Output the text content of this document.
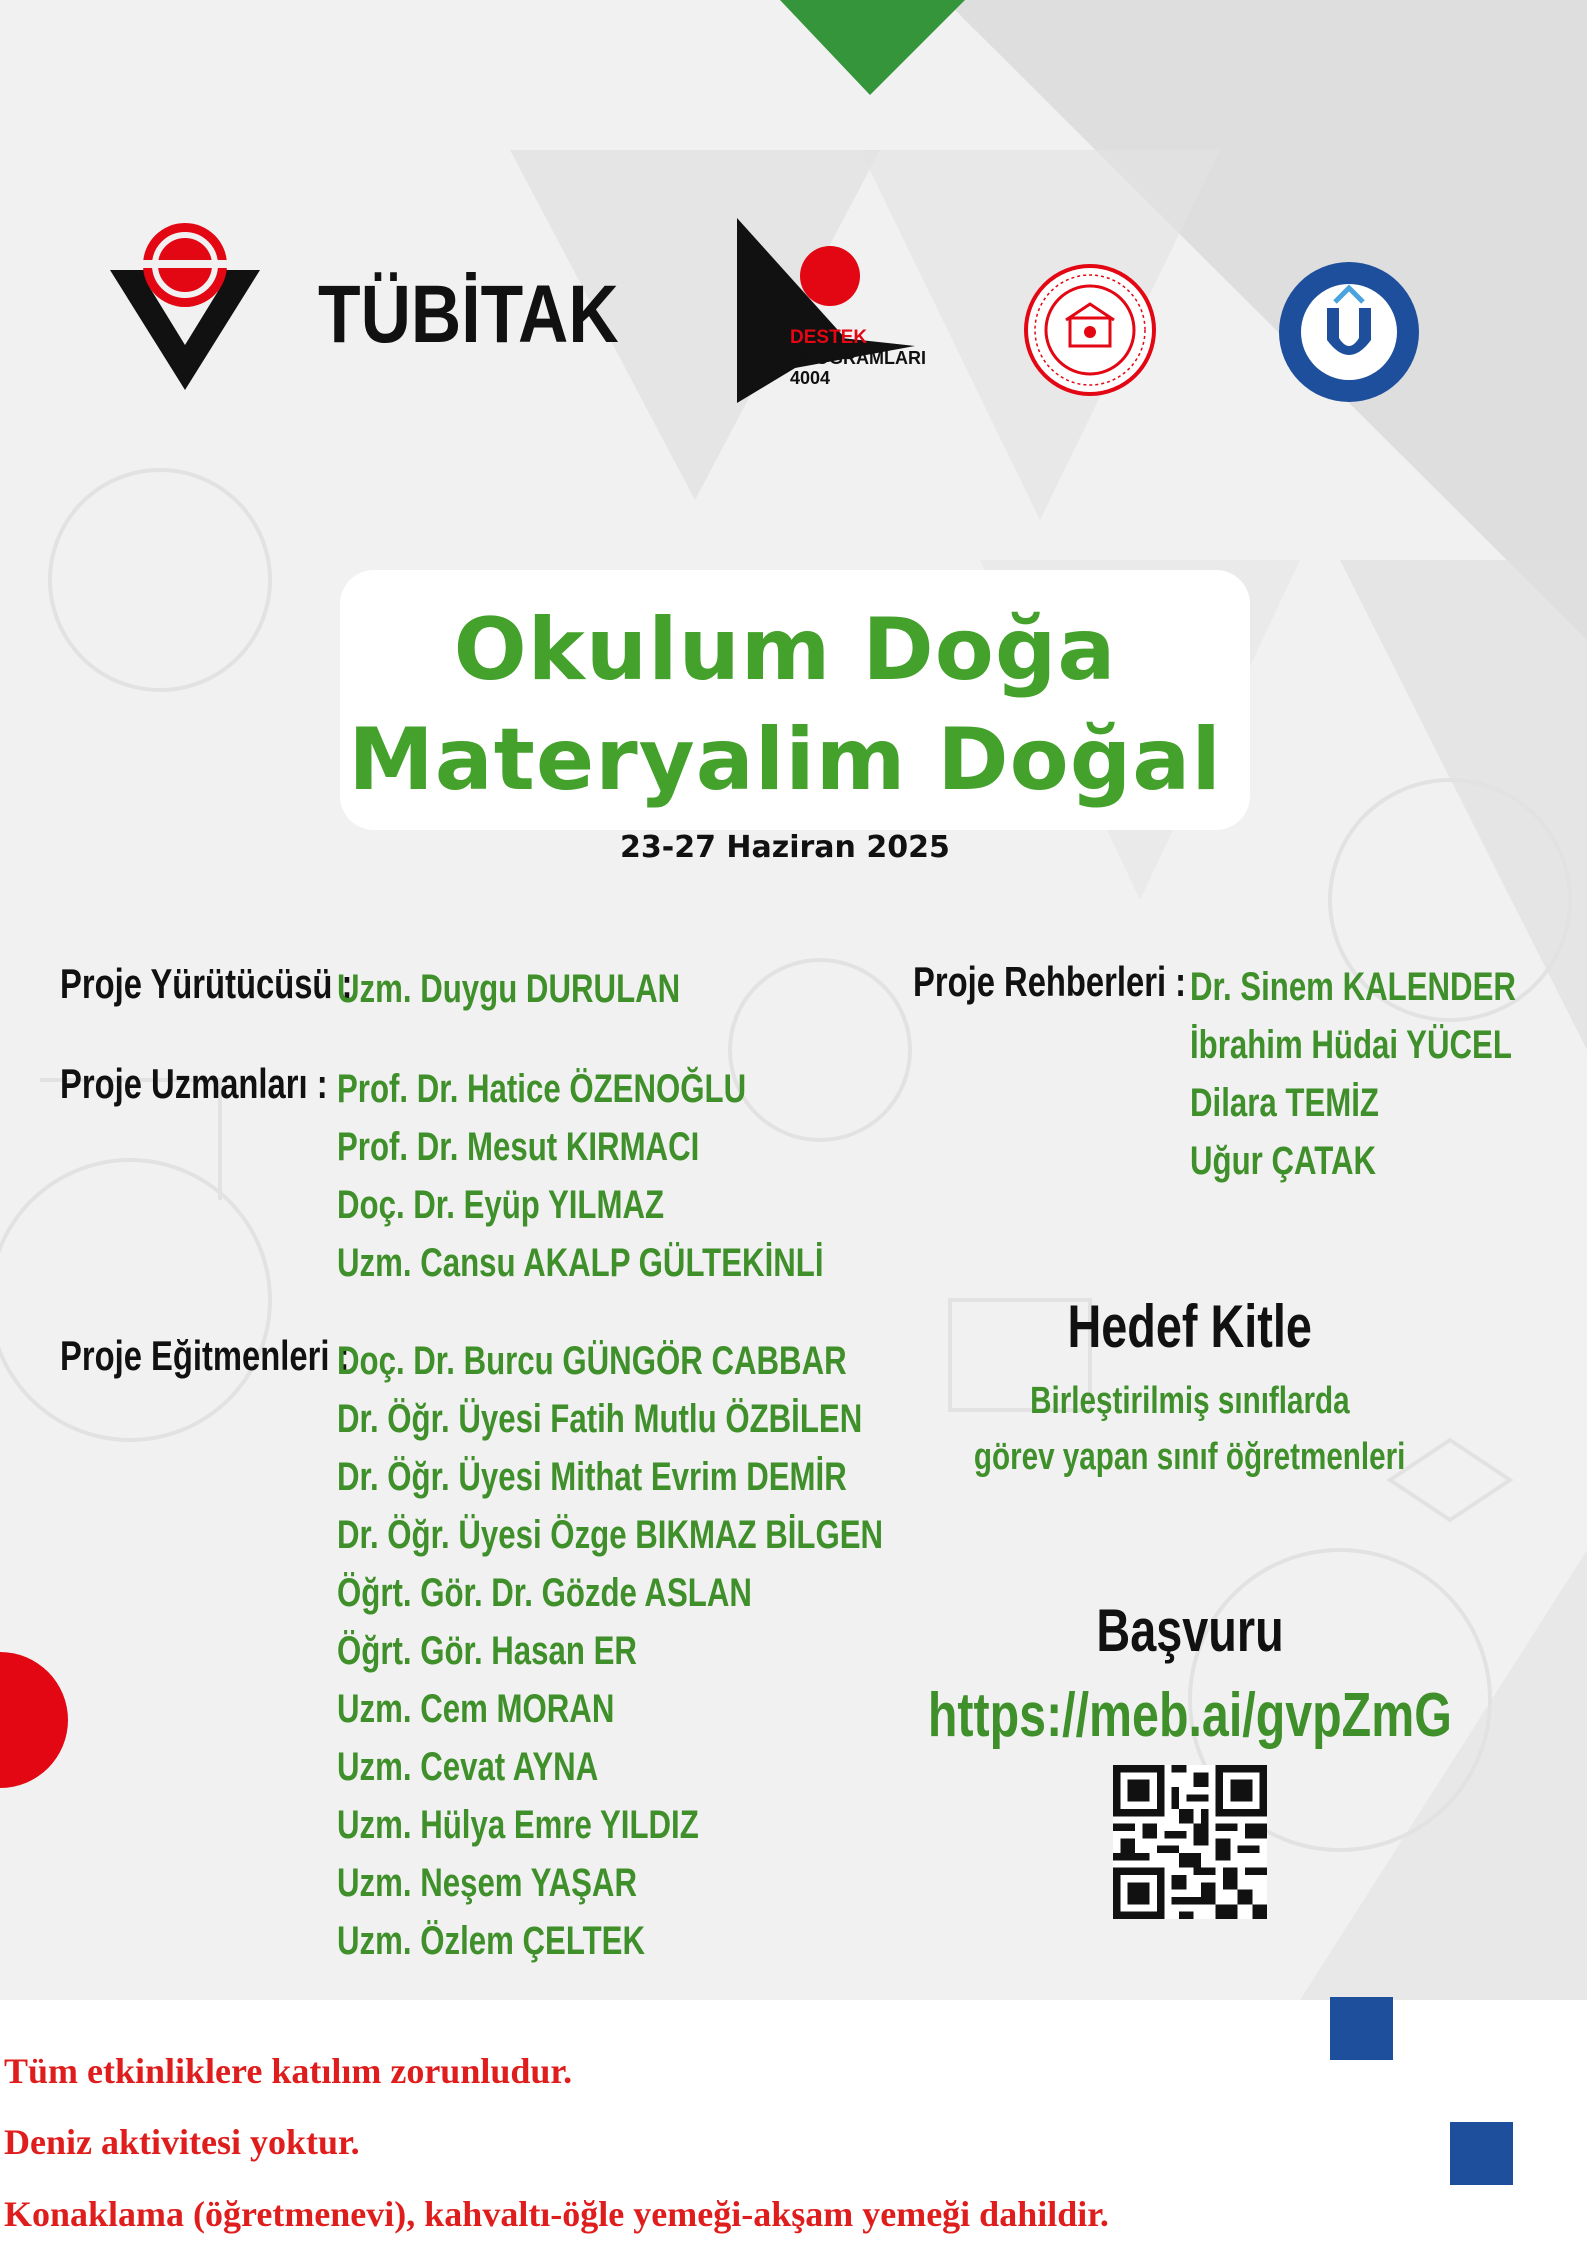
TÜBİTAK	DESTEK
PROGRAMLARI
4004
Okulum Doğa
Materyalim Doğal
23-27 Haziran 2025
Proje Yürütücüsü :
Uzm. Duygu DURULAN
Proje Uzmanları : Prof. Dr. Hatice ÖZENOĞLU
Prof. Dr. Mesut KIRMACI
Doç. Dr. Eyüp YILMAZ
Uzm. Cansu AKALP GÜLTEKİNLİ
Proje Eğitmenleri :
Doç. Dr. Burcu GÜNGÖR CABBAR
Dr. Öğr. Üyesi Fatih Mutlu ÖZBİLEN
Dr. Öğr. Üyesi Mithat Evrim DEMİR
Dr. Öğr. Üyesi Özge BIKMAZ BİLGEN
Öğrt. Gör. Dr. Gözde ASLAN
Öğrt. Gör. Hasan ER
Uzm. Cem MORAN
Uzm. Cevat AYNA
Uzm. Hülya Emre YILDIZ
Uzm. Neşem YAŞAR
Uzm. Özlem ÇELTEK
Proje Rehberleri : Dr. Sinem KALENDER
İbrahim Hüdai YÜCEL
Dilara TEMİZ
Uğur ÇATAK
Hedef Kitle
Birleştirilmiş sınıflarda
görev yapan sınıf öğretmenleri
Başvuru
https://meb.ai/gvpZmG
Tüm etkinliklere katılım zorunludur.
Deniz aktivitesi yoktur.
Konaklama (öğretmenevi), kahvaltı-öğle yemeği-akşam yemeği dahildir.
